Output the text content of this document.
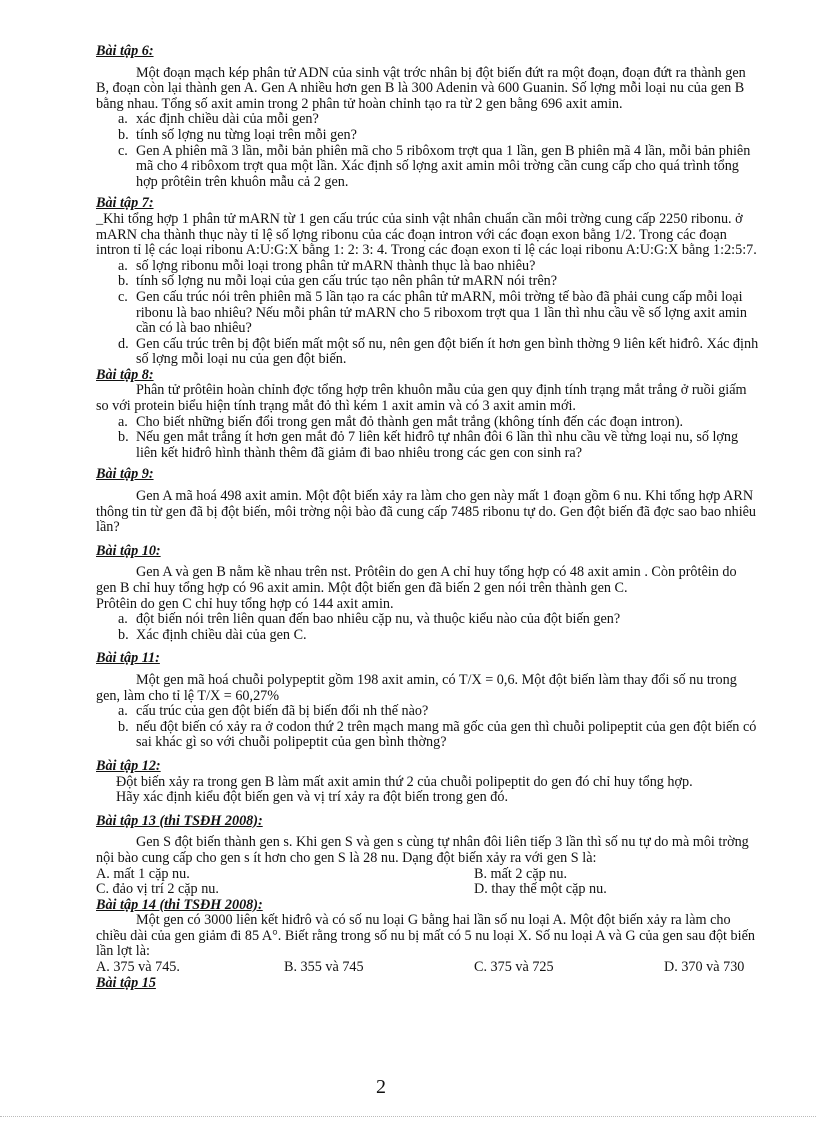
Bài tập 6:

Một đoạn mạch kép phân tử ADN của sinh vật trớc nhân bị đột biến đứt ra một đoạn, đoạn đứt ra thành gen B, đoạn còn lại thành gen A. Gen A nhiều hơn gen B là 300 Adenin và 600 Guanin. Số lợng mỗi loại nu của gen B bằng nhau. Tổng số axit amin trong 2 phân tử hoàn chỉnh tạo ra từ 2 gen bằng 696 axit amin.

a. xác định chiều dài của mỗi gen?
b. tính số lợng nu từng loại trên mỗi gen?
c. Gen A phiên mã 3 lần, mỗi bản phiên mã cho 5 ribôxom trợt qua 1 lần, gen B phiên mã 4 lần, mỗi bản phiên mã cho 4 ribôxom trợt qua một lần. Xác định số lợng axit amin môi trờng cần cung cấp cho quá trình tổng hợp prôtêin trên khuôn mẫu cả 2 gen.

Bài tập 7:

_Khi tổng hợp 1 phân tử mARN từ 1 gen cấu trúc của sinh vật nhân chuẩn cần môi trờng cung cấp 2250 ribonu. ở mARN cha thành thục này tỉ lệ số lợng ribonu của các đoạn intron với các đoạn exon bằng 1/2. Trong các đoạn intron tỉ lệ các loại ribonu A:U:G:X bằng 1: 2: 3: 4. Trong các đoạn exon tỉ lệ các loại ribonu A:U:G:X bằng 1:2:5:7.

a. số lợng ribonu mỗi loại trong phân tử mARN thành thục là bao nhiêu?
b. tính số lợng nu mỗi loại của gen cấu trúc tạo nên phân tử mARN nói trên?
c. Gen cấu trúc nói trên phiên mã 5 lần tạo ra các phân tử mARN, môi trờng tế bào đã phải cung cấp mỗi loại ribonu là bao nhiêu? Nếu mỗi phân tử mARN cho 5 riboxom trợt qua 1 lần thì nhu cầu về số lợng axit amin cần có là bao nhiêu?
d. Gen cấu trúc trên bị đột biến mất một số nu, nên gen đột biến ít hơn gen bình thờng 9 liên kết hiđrô. Xác định số lợng mỗi loại nu của gen đột biến.

Bài tập 8:

Phân tử prôtêin hoàn chỉnh đợc tổng hợp trên khuôn mẫu của gen quy định tính trạng mắt trắng ở ruồi giấm so với protein biểu hiện tính trạng mắt đỏ thì kém 1 axit amin và có 3 axit amin mới.

a. Cho biết những biến đổi trong gen mắt đỏ thành gen mắt trắng (không tính đến các đoạn intron).
b. Nếu gen mắt trắng ít hơn gen mắt đỏ 7 liên kết hiđrô tự nhân đôi 6 lần thì nhu cầu về từng loại nu, số lợng liên kết hiđrô hình thành thêm đã giảm đi bao nhiêu trong các gen con sinh ra?

Bài tập 9:

Gen A mã hoá 498 axit amin. Một đột biến xảy ra làm cho gen này mất 1 đoạn gồm 6 nu. Khi tổng hợp ARN thông tin từ gen đã bị đột biến, môi trờng nội bào đã cung cấp 7485 ribonu tự do. Gen đột biến đã đợc sao bao nhiêu lần?

Bài tập 10:

Gen A và gen B nằm kề nhau trên nst. Prôtêin do gen A chỉ huy tổng hợp có 48 axit amin . Còn prôtêin do gen B chỉ huy tổng hợp có 96 axit amin. Một đột biến gen đã biến 2 gen nói trên thành gen C.

Prôtêin do gen C chỉ huy tổng hợp có 144 axit amin.

a. đột biến nói trên liên quan đến bao nhiêu cặp nu, và thuộc kiểu nào của đột biến gen?
b. Xác định chiều dài của gen C.

Bài tập 11:

Một gen mã hoá chuỗi polypeptit gồm 198 axit amin, có T/X = 0,6. Một đột biến làm thay đổi số nu trong gen, làm cho tỉ lệ T/X = 60,27%

a. cấu trúc của gen đột biến đã bị biến đổi nh thế nào?
b. nếu đột biến có xảy ra ở codon thứ 2 trên mạch mang mã gốc của gen thì chuỗi polipeptit của gen đột biến có sai khác gì so với chuỗi polipeptit của gen bình thờng?

Bài tập 12:

Đột biến xảy ra trong gen B làm mất axit amin thứ 2 của chuỗi polipeptit do gen đó chỉ huy tổng hợp.

Hãy xác định kiểu đột biến gen và vị trí xảy ra đột biến trong gen đó.

Bài tập 13 (thi TSĐH 2008):

Gen S đột biến thành gen s. Khi gen S và gen s cùng tự nhân đôi liên tiếp 3 lần thì số nu tự do mà môi trờng nội bào cung cấp cho gen s ít hơn cho gen S là 28 nu. Dạng đột biến xảy ra với gen S là:

A. mất 1 cặp nu.	B. mất 2 cặp nu.
C. đảo vị trí 2 cặp nu.	D. thay thế một cặp nu.

Bài tập 14 (thi TSĐH 2008):

Một gen có 3000 liên kết hiđrô và có số nu loại G bằng hai lần số nu loại A. Một đột biến xảy ra làm cho chiều dài của gen giảm đi 85 A°. Biết rằng trong số nu bị mất có 5 nu loại X. Số nu loại A và G của gen sau đột biến lần lợt là:

A. 375 và 745.	B. 355 và 745	C. 375 và 725	D. 370 và 730

Bài tập 15

2
